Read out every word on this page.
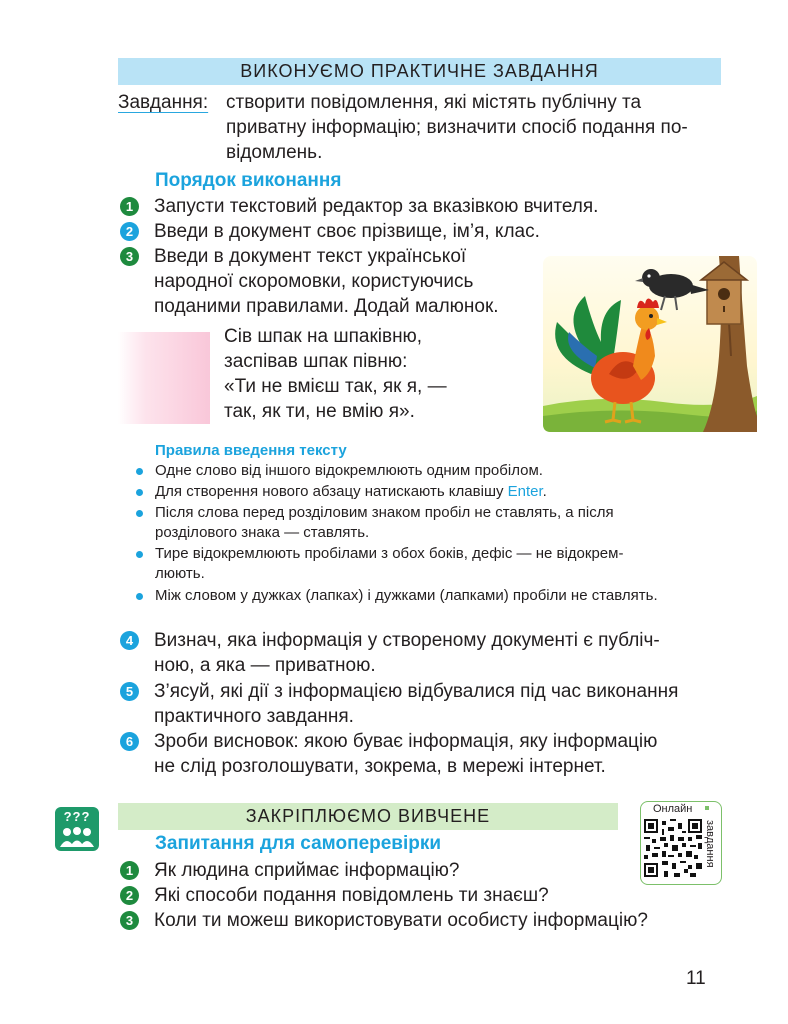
ВИКОНУЄМО ПРАКТИЧНЕ ЗАВДАННЯ
Завдання: створити повідомлення, які містять публічну та
приватну інформацію; визначити спосіб подання по-
відомлень.
Порядок виконання
1	Запусти текстовий редактор за вказівкою вчителя.
2	Введи в документ своє прізвище, ім’я, клас.
3	Введи в документ текст української
народної скоромовки, користуючись
поданими правилами. Додай малюнок.
Сів шпак на шпаківню,
заспівав шпак півню:
«Ти не вмієш так, як я, —
так, як ти, не вмію я».
Правила введення тексту
Одне слово від іншого відокремлюють одним пробілом.
Для створення нового абзацу натискають клавішу Enter.
Після слова перед розділовим знаком пробіл не ставлять, а після
розділового знака — ставлять.
Тире відокремлюють пробілами з обох боків, дефіс — не відокрем-
люють.
Між словом у дужках (лапках) і дужками (лапками) пробіли не ставлять.
4	Визнач, яка інформація у створеному документі є публіч-
ною, а яка — приватною.
5	З’ясуй, які дії з інформацією відбувалися під час виконання
практичного завдання.
6	Зроби висновок: якою буває інформація, яку інформацію
не слід розголошувати, зокрема, в мережі інтернет.
???	ЗАКРІПЛЮЄМО ВИВЧЕНЕ	Онлайн
завдання
Запитання для самоперевірки
1	Як людина сприймає інформацію?
2	Які способи подання повідомлень ти знаєш?
3	Коли ти можеш використовувати особисту інформацію?
11
